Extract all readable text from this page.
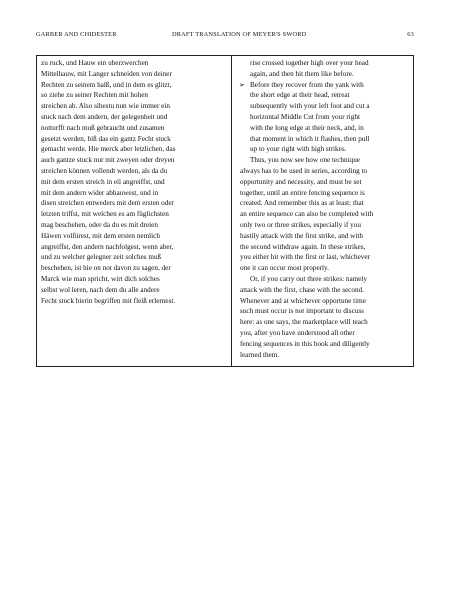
GARBER AND CHIDESTER	DRAFT TRANSLATION OF MEYER'S SWORD	63
zu ruck, und Hauw ein uberzwerchen
Mittelhauw, mit Langer schneiden von deiner
Rechten zu seinem halß, und in dem es glitzt,
so ziehe zu seiner Rechten mit hohen
streichen ab. Also sihestu nun wie immer ein
stuck nach dem andern, der gelegenheit und
notturfft nach muß gebraucht und zusamen
gesetzt werden, biß das ein gantz Fecht stuck
gemacht werde. Hie merck aber letzlichen, das
auch gantze stuck nur mit zweyen oder dreyen
streichen können vollendt werden, als da du
mit dem ersten streich in eil angreiffst, und
mit dem andern wider abhauwest, und in
disen streichen entweders mit dem ersten oder
letzten triffst, mit welchen es am füglichsten
mag beschehen, oder da du es mit dreien
Häwen volfürest, mit dem ersten nemlich
angreiffst, den andern nachfolgest, wenn aber,
und zu welcher gelegner zeit solches muß
beschehen, ist hie on not davon zu sagen, der
Marck wie man spricht, wirt dich solches
selbst wol leren, nach dem du alle andere
Fecht stuck hierin begriffen mit fleiß erlernest.
rise crossed together high over your head
again, and then hit them like before.
➢ Before they recover from the yank with
the short edge at their head, retreat
subsequently with your left foot and cut a
horizontal Middle Cut from your right
with the long edge at their neck, and, in
that moment in which it flashes, then pull
up to your right with high strikes.
Thus, you now see how one technique
always has to be used in series, according to
opportunity and necessity, and must be set
together, until an entire fencing sequence is
created. And remember this as at least: that
an entire sequence can also be completed with
only two or three strikes, especially if you
hastily attack with the first strike, and with
the second withdraw again. In these strikes,
you either hit with the first or last, whichever
one it can occur most properly.
Or, if you carry out three strikes: namely
attack with the first, chase with the second.
Whenever and at whichever opportune time
such must occur is not important to discuss
here: as one says, the marketplace will teach
you, after you have understood all other
fencing sequences in this book and diligently
learned them.
